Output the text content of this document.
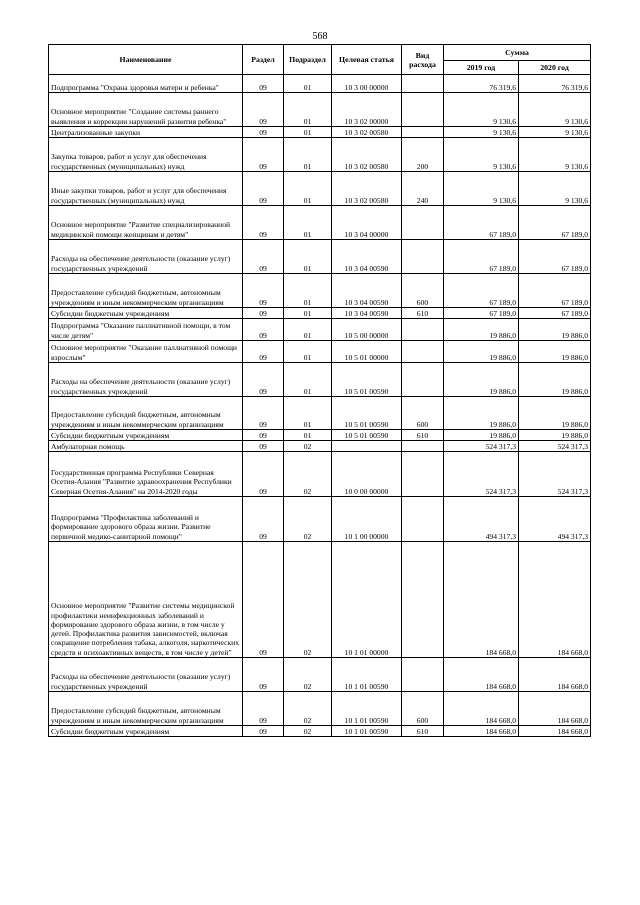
568
Наименование	Раздел	Подраздел	Целевая статья	Вид расхода	Сумма	
					2019 год	2020 год
Подпрограмма "Охрана здоровья матери и ребенка"	09	01	10 3 00 00000		76 319,6	76 319,6
Основное мероприятие "Создание системы раннего выявления и коррекции нарушений развития ребенка"	09	01	10 3 02 00000		9 130,6	9 130,6
Централизованные закупки	09	01	10 3 02 00580		9 130,6	9 130,6
Закупка товаров, работ и услуг для обеспечения государственных (муниципальных) нужд	09	01	10 3 02 00580	200	9 130,6	9 130,6
Иные закупки товаров, работ и услуг для обеспечения государственных (муниципальных) нужд	09	01	10 3 02 00580	240	9 130,6	9 130,6
Основное мероприятие "Развитие специализированной медицинской помощи женщинам и детям"	09	01	10 3 04 00000		67 189,0	67 189,0
Расходы на обеспечение деятельности (оказание услуг) государственных учреждений	09	01	10 3 04 00590		67 189,0	67 189,0
Предоставление субсидий бюджетным, автономным учреждениям и иным некоммерческим организациям	09	01	10 3 04 00590	600	67 189,0	67 189,0
Субсидии бюджетным учреждениям	09	01	10 3 04 00590	610	67 189,0	67 189,0
Подпрограмма "Оказание паллиативной помощи, в том числе детям"	09	01	10 5 00 00000		19 886,0	19 886,0
Основное мероприятие "Оказание паллиативной помощи взрослым"	09	01	10 5 01 00000		19 886,0	19 886,0
Расходы на обеспечение деятельности (оказание услуг) государственных учреждений	09	01	10 5 01 00590		19 886,0	19 886,0
Предоставление субсидий бюджетным, автономным учреждениям и иным некоммерческим организациям	09	01	10 5 01 00590	600	19 886,0	19 886,0
Субсидии бюджетным учреждениям	09	01	10 5 01 00590	610	19 886,0	19 886,0
Амбулаторная помощь	09	02			524 317,3	524 317,3
Государственная программа Республики Северная Осетия-Алания "Развитие здравоохранения Республики Северная Осетия-Алания" на 2014-2020 годы	09	02	10 0 00 00000		524 317,3	524 317,3
Подпрограмма "Профилактика заболеваний и формирование здорового образа жизни. Развитие первичной медико-санитарной помощи"	09	02	10 1 00 00000		494 317,3	494 317,3
Основное мероприятие "Развитие системы медицинской профилактики неинфекционных заболеваний и формирование здорового образа жизни, в том числе у детей. Профилактика развития зависимостей, включая сокращение потребления табака, алкоголя, наркотических средств и психоактивных веществ, в том числе у детей"	09	02	10 1 01 00000		184 668,0	184 668,0
Расходы на обеспечение деятельности (оказание услуг) государственных учреждений	09	02	10 1 01 00590		184 668,0	184 668,0
Предоставление субсидий бюджетным, автономным учреждениям и иным некоммерческим организациям	09	02	10 1 01 00590	600	184 668,0	184 668,0
Субсидии бюджетным учреждениям	09	02	10 1 01 00590	610	184 668,0	184 668,0
